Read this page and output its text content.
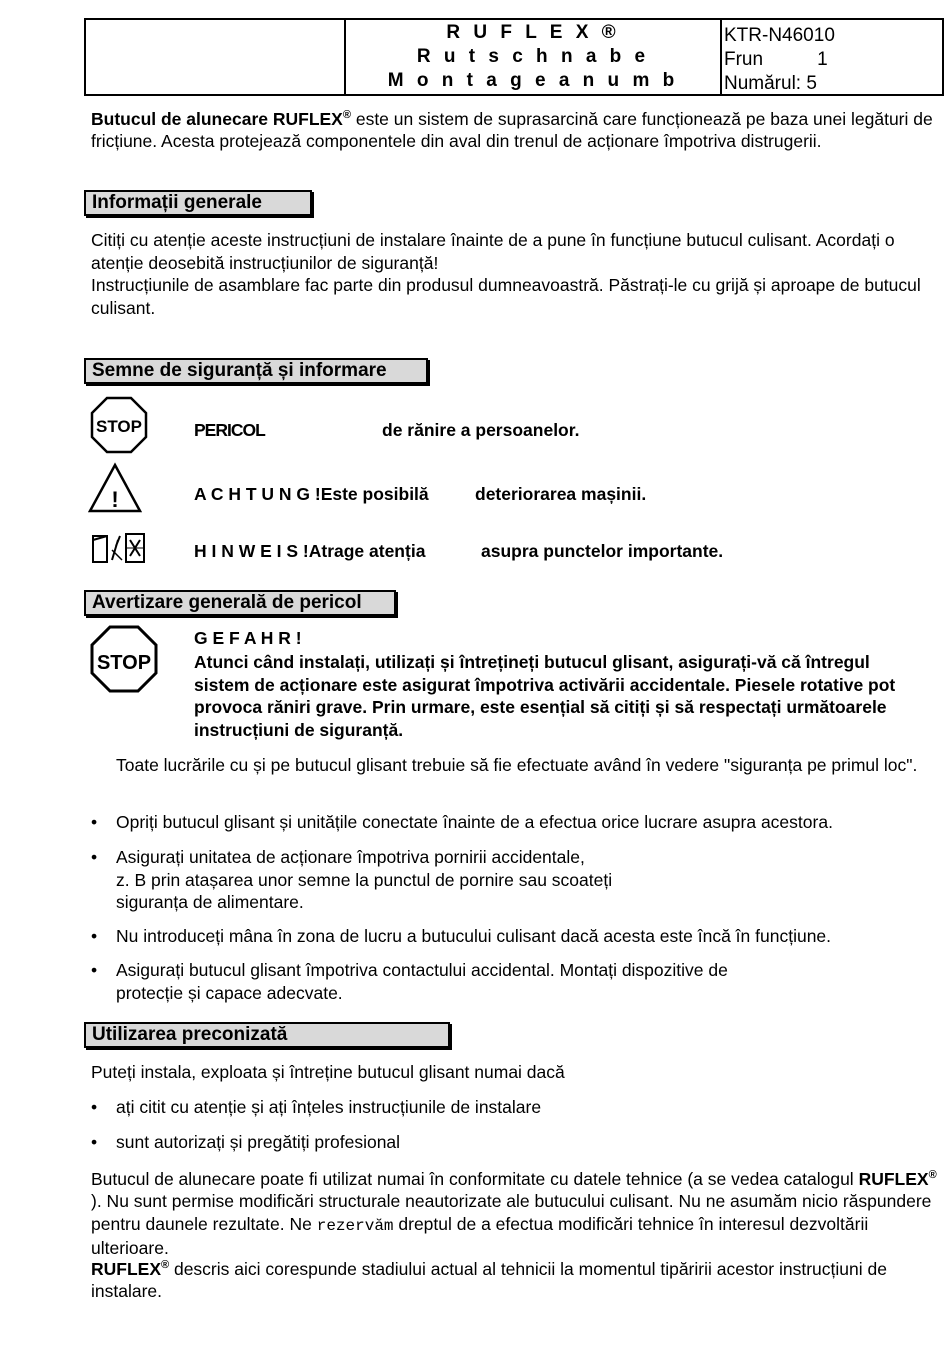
R U F L E X ®
R u t s c h n a b e
M o n t a g e a n u m b
KTR-N46010
Frun	1
Numărul: 5
Butucul de alunecare RUFLEX® este un sistem de suprasarcină care funcționează pe baza unei legături de fricțiune. Acesta protejează componentele din aval din trenul de acționare împotriva distrugerii.
Informații generale
Citiți cu atenție aceste instrucțiuni de instalare înainte de a pune în funcțiune butucul culisant. Acordați o atenție deosebită instrucțiunilor de siguranță!
Instrucțiunile de asamblare fac parte din produsul dumneavoastră. Păstrați-le cu grijă și aproape de butucul culisant.
Semne de siguranță și informare
STOP	PERICOL	de rănire a persoanelor.
!	A C H T U N G !Este posibilă	deteriorarea mașinii.
H I N W E I S !Atrage atenția	asupra punctelor importante.
Avertizare generală de pericol
STOP
G E F A H R !
Atunci când instalați, utilizați și întrețineți butucul glisant, asigurați-vă că întregul sistem de acționare este asigurat împotriva activării accidentale. Piesele rotative pot provoca răniri grave. Prin urmare, este esențial să citiți și să respectați următoarele instrucțiuni de siguranță.
Toate lucrările cu și pe butucul glisant trebuie să fie efectuate având în vedere "siguranța pe primul loc".
• Opriți butucul glisant și unitățile conectate înainte de a efectua orice lucrare asupra acestora.
• Asigurați unitatea de acționare împotriva pornirii accidentale,
z. B prin atașarea unor semne la punctul de pornire sau scoateți
siguranța de alimentare.
• Nu introduceți mâna în zona de lucru a butucului culisant dacă acesta este încă în funcțiune.
• Asigurați butucul glisant împotriva contactului accidental. Montați dispozitive de
protecție și capace adecvate.
Utilizarea preconizată
Puteți instala, exploata și întreține butucul glisant numai dacă
• ați citit cu atenție și ați înțeles instrucțiunile de instalare
• sunt autorizați și pregătiți profesional
Butucul de alunecare poate fi utilizat numai în conformitate cu datele tehnice (a se vedea catalogul RUFLEX® ). Nu sunt permise modificări structurale neautorizate ale butucului culisant. Nu ne asumăm nicio răspundere pentru daunele rezultate. Ne rezervăm dreptul de a efectua modificări tehnice în interesul dezvoltării ulterioare.
RUFLEX® descris aici corespunde stadiului actual al tehnicii la momentul tipăririi acestor instrucțiuni de instalare.
